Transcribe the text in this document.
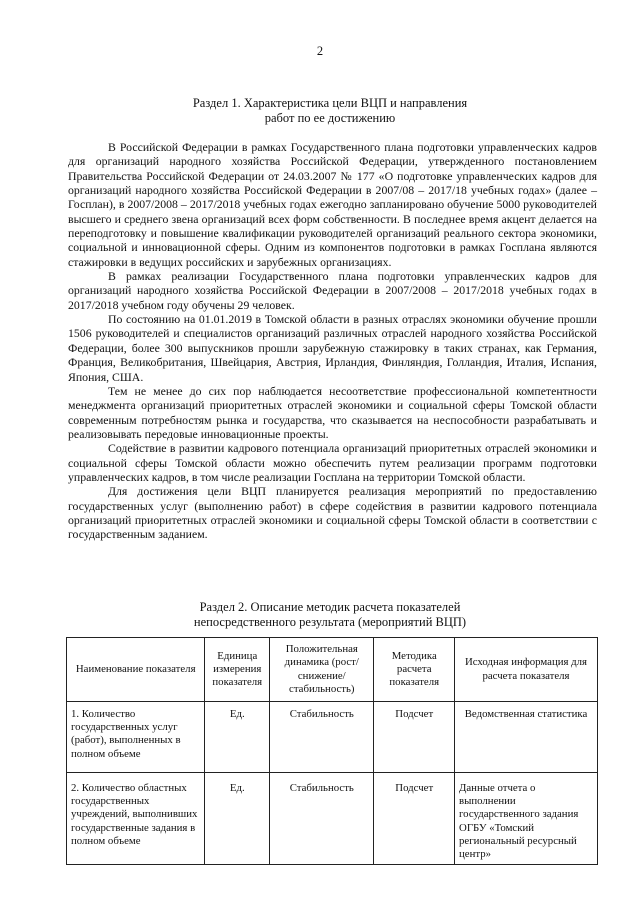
2
Раздел 1. Характеристика цели ВЦП и направления
работ по ее достижению

В Российской Федерации в рамках Государственного плана подготовки управленческих кадров для организаций народного хозяйства Российской Федерации, утвержденного постановлением Правительства Российской Федерации от 24.03.2007 № 177 «О подготовке управленческих кадров для организаций народного хозяйства Российской Федерации в 2007/08 – 2017/18 учебных годах» (далее – Госплан), в 2007/2008 – 2017/2018 учебных годах ежегодно запланировано обучение 5000 руководителей высшего и среднего звена организаций всех форм собственности. В последнее время акцент делается на переподготовку и повышение квалификации руководителей организаций реального сектора экономики, социальной и инновационной сферы. Одним из компонентов подготовки в рамках Госплана являются стажировки в ведущих российских и зарубежных организациях.

В рамках реализации Государственного плана подготовки управленческих кадров для организаций народного хозяйства Российской Федерации в 2007/2008 – 2017/2018 учебных годах в 2017/2018 учебном году обучены 29 человек.

По состоянию на 01.01.2019 в Томской области в разных отраслях экономики обучение прошли 1506 руководителей и специалистов организаций различных отраслей народного хозяйства Российской Федерации, более 300 выпускников прошли зарубежную стажировку в таких странах, как Германия, Франция, Великобритания, Швейцария, Австрия, Ирландия, Финляндия, Голландия, Италия, Испания, Япония, США.

Тем не менее до сих пор наблюдается несоответствие профессиональной компетентности менеджмента организаций приоритетных отраслей экономики и социальной сферы Томской области современным потребностям рынка и государства, что сказывается на неспособности разрабатывать и реализовывать передовые инновационные проекты.

Содействие в развитии кадрового потенциала организаций приоритетных отраслей экономики и социальной сферы Томской области можно обеспечить путем реализации программ подготовки управленческих кадров, в том числе реализации Госплана на территории Томской области.

Для достижения цели ВЦП планируется реализация мероприятий по предоставлению государственных услуг (выполнению работ) в сфере содействия в развитии кадрового потенциала организаций приоритетных отраслей экономики и социальной сферы Томской области в соответствии с государственным заданием.

Раздел 2. Описание методик расчета показателей
непосредственного результата (мероприятий ВЦП)
Наименование показателя	Единица измерения показателя	Положительная динамика (рост/снижение/ стабильность)	Методика расчета показателя	Исходная информация для расчета показателя
1. Количество государственных услуг (работ), выполненных в полном объеме	Ед.	Стабильность	Подсчет	Ведомственная статистика
2. Количество областных государственных учреждений, выполнивших государственные задания в полном объеме	Ед.	Стабильность	Подсчет	Данные отчета о выполнении государственного задания ОГБУ «Томский региональный ресурсный центр»
